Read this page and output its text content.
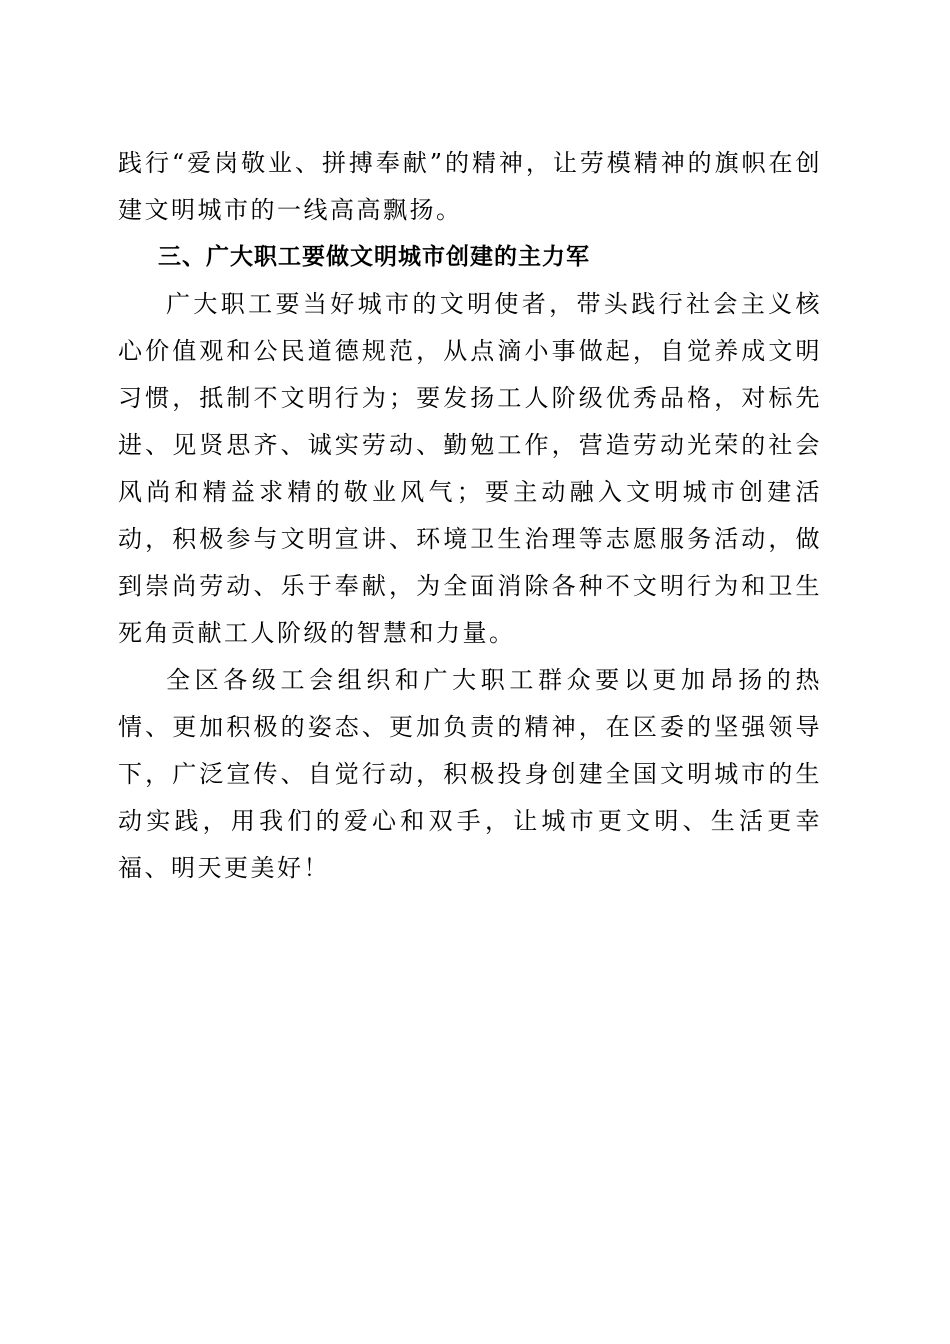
践行“爱岗敬业、拼搏奉献”的精神，让劳模精神的旗帜在创建文明城市的一线高高飘扬。

三、广大职工要做文明城市创建的主力军

广大职工要当好城市的文明使者，带头践行社会主义核心价值观和公民道德规范，从点滴小事做起，自觉养成文明习惯，抵制不文明行为；要发扬工人阶级优秀品格，对标先进、见贤思齐、诚实劳动、勤勉工作，营造劳动光荣的社会风尚和精益求精的敬业风气；要主动融入文明城市创建活动，积极参与文明宣讲、环境卫生治理等志愿服务活动，做到崇尚劳动、乐于奉献，为全面消除各种不文明行为和卫生死角贡献工人阶级的智慧和力量。

全区各级工会组织和广大职工群众要以更加昂扬的热情、更加积极的姿态、更加负责的精神，在区委的坚强领导下，广泛宣传、自觉行动，积极投身创建全国文明城市的生动实践，用我们的爱心和双手，让城市更文明、生活更幸福、明天更美好！
